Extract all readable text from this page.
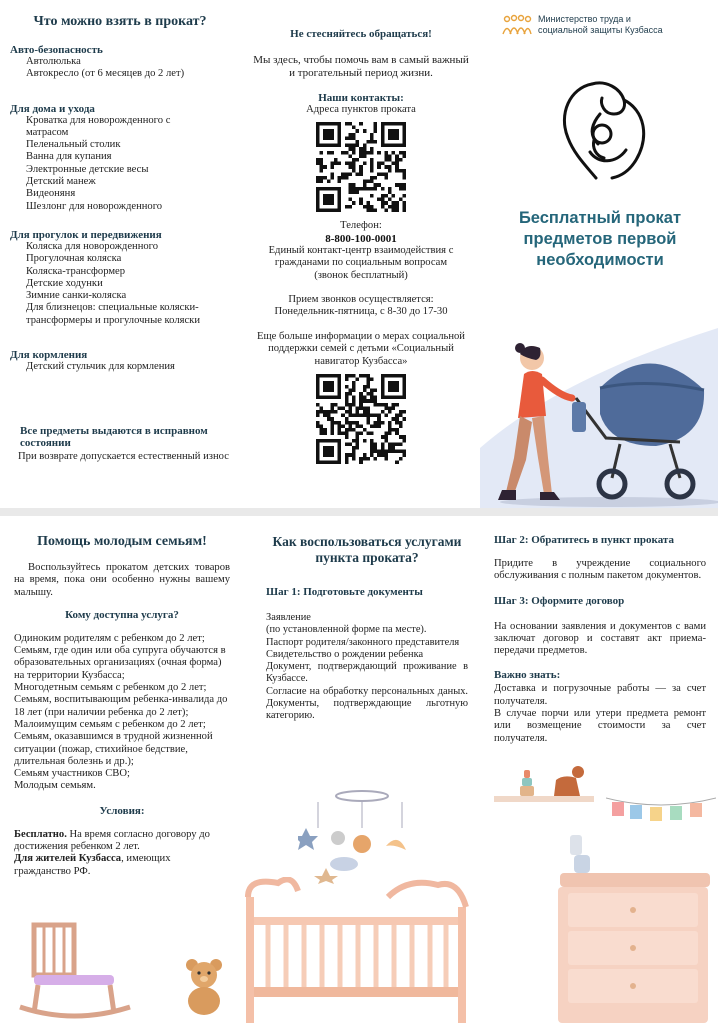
Что можно взять в прокат?

Авто-безопасность

Автолюлька
Автокресло (от 6 месяцев до 2 лет)

Для дома и ухода

Кроватка для новорожденного с
матрасом
Пеленальный столик
Ванна для купания
Электронные детские весы
Детский манеж
Видеоняня
Шезлонг для новорожденного

Для прогулок и передвижения

Коляска для новорожденного
Прогулочная коляска
Коляска-трансформер
Детские ходунки
Зимние санки-коляска
Для близнецов: специальные коляски-
трансформеры и прогулочные коляски

Для кормления

Детский стульчик для кормления

Все предметы выдаются в исправном состоянии

При возврате допускается естественный износ

Не стесняйтесь обращаться!

Мы здесь, чтобы помочь вам в самый важный и трогательный период жизни.

Наши контакты:

Адреса пунктов проката

Телефон:

8-800-100-0001

Единый контакт-центр взаимодействия с гражданами по социальным вопросам

(звонок бесплатный)

Прием звонков осуществляется:

Понедельник-пятница, с 8-30 до 17-30

Еще больше информации о мерах социальной поддержки семей с детьми «Социальный навигатор Кузбасса»

Министерство труда и социальной защиты Кузбасса
Бесплатный прокат предметов первой необходимости
Помощь молодым семьям!

Воспользуйтесь прокатом детских товаров на время, пока они особенно нужны вашему малышу.

Кому доступна услуга?

Одиноким родителям с ребенком до 2 лет;
Семьям, где один или оба супруга обучаются в образовательных организациях (очная форма) на территории Кузбасса;
Многодетным семьям с ребенком до 2 лет;
Семьям, воспитывающим ребенка-инвалида до 18 лет (при наличии ребенка до 2 лет);
Малоимущим семьям с ребенком до 2 лет;
Семьям, оказавшимся в трудной жизненной ситуации (пожар, стихийное бедствие, длительная болезнь и др.);
Семьям участников СВО;
Молодым семьям.

Условия:

Бесплатно. На время согласно договору до достижения ребенком 2 лет.

Для жителей Кузбасса, имеющих гражданство РФ.

Как воспользоваться услугами пункта проката?

Шаг 1: Подготовьте документы

Заявление
(по установленной форме па месте).
Паспорт родителя/законного представителя
Свидетельство о рождении ребенка
Документ, подтверждающий проживание в Кузбассе.
Согласие на обработку персональных даных. Документы, подтверждающие льготную категорию.

Шаг 2: Обратитесь в пункт проката

Придите в учреждение социального обслуживания с полным пакетом документов.

Шаг 3: Оформите договор

На основании заявления и документов с вами заключат договор и составят акт приема-передачи предметов.

Важно знать:

Доставка и погрузочные работы — за счет получателя.

В случае порчи или утери предмета ремонт или возмещение стоимости за счет получателя.
